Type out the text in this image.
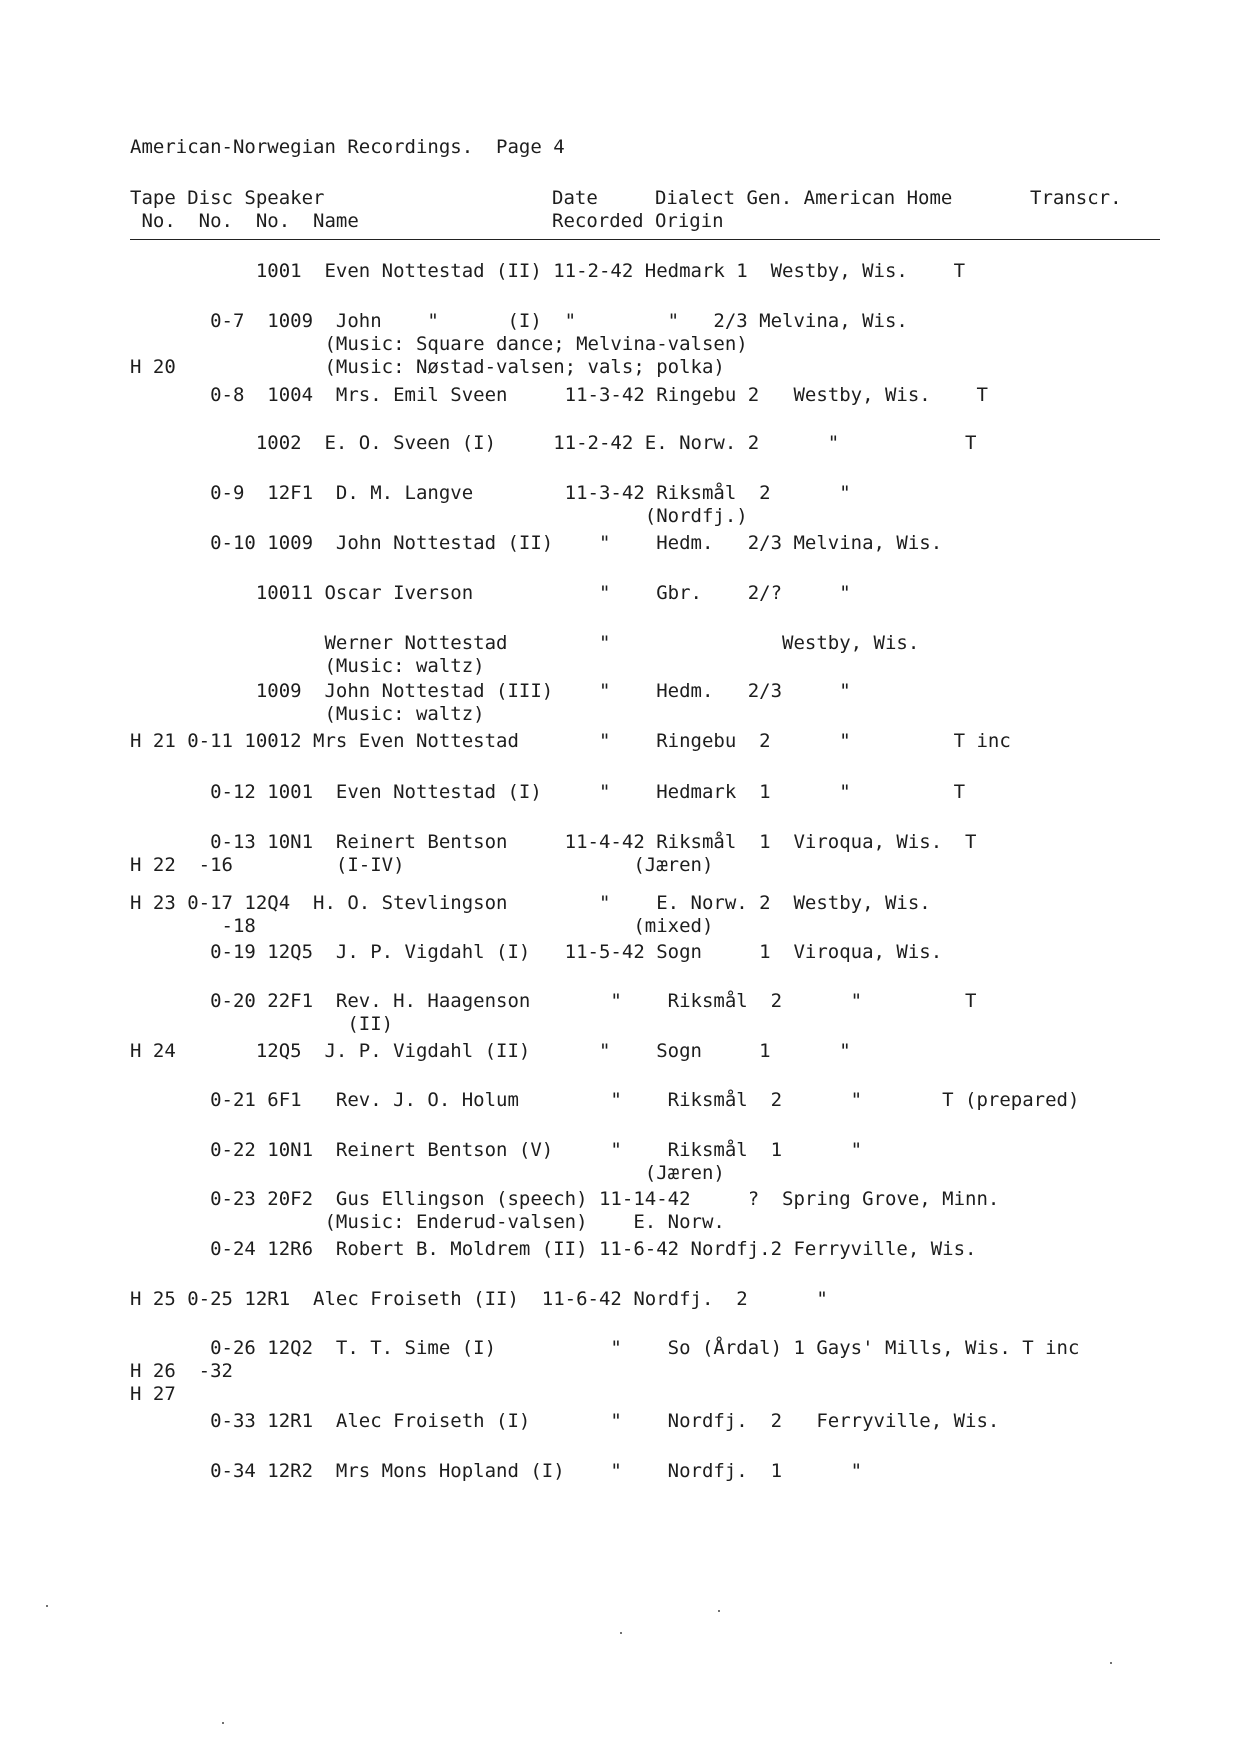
American-Norwegian Recordings.  Page 4
Tape Disc Speaker
No.  No.  No.  Name
Date     Dialect Gen. American Home
Recorded Origin
Transcr.
1001  Even Nottestad (II) 11-2-42 Hedmark 1  Westby, Wis.    T
0-7  1009  John    "      (I)  "        "   2/3 Melvina, Wis.
(Music: Square dance; Melvina-valsen)
H 20             (Music: Nøstad-valsen; vals; polka)
0-8  1004  Mrs. Emil Sveen     11-3-42 Ringebu 2   Westby, Wis.    T
1002  E. O. Sveen (I)     11-2-42 E. Norw. 2      "           T
0-9  12F1  D. M. Langve        11-3-42 Riksmål  2      "
(Nordfj.)
0-10 1009  John Nottestad (II)    "    Hedm.   2/3 Melvina, Wis.
10011 Oscar Iverson           "    Gbr.    2/?     "
Werner Nottestad        "               Westby, Wis.
(Music: waltz)
1009  John Nottestad (III)    "    Hedm.   2/3     "
(Music: waltz)
H 21 0-11 10012 Mrs Even Nottestad       "    Ringebu  2      "         T inc
0-12 1001  Even Nottestad (I)     "    Hedmark  1      "         T
0-13 10N1  Reinert Bentson     11-4-42 Riksmål  1  Viroqua, Wis.  T
H 22  -16         (I-IV)                    (Jæren)
H 23 0-17 12Q4  H. O. Stevlingson        "    E. Norw. 2  Westby, Wis.
-18                                 (mixed)
0-19 12Q5  J. P. Vigdahl (I)   11-5-42 Sogn     1  Viroqua, Wis.
0-20 22F1  Rev. H. Haagenson       "    Riksmål  2      "         T
(II)
H 24       12Q5  J. P. Vigdahl (II)      "    Sogn     1      "
0-21 6F1   Rev. J. O. Holum        "    Riksmål  2      "       T (prepared)
0-22 10N1  Reinert Bentson (V)     "    Riksmål  1      "
(Jæren)
0-23 20F2  Gus Ellingson (speech) 11-14-42     ?  Spring Grove, Minn.
(Music: Enderud-valsen)    E. Norw.
0-24 12R6  Robert B. Moldrem (II) 11-6-42 Nordfj.2 Ferryville, Wis.
H 25 0-25 12R1  Alec Froiseth (II)  11-6-42 Nordfj.  2      "
0-26 12Q2  T. T. Sime (I)          "    So (Årdal) 1 Gays' Mills, Wis. T inc
H 26  -32
H 27
0-33 12R1  Alec Froiseth (I)       "    Nordfj.  2   Ferryville, Wis.
0-34 12R2  Mrs Mons Hopland (I)    "    Nordfj.  1      "
